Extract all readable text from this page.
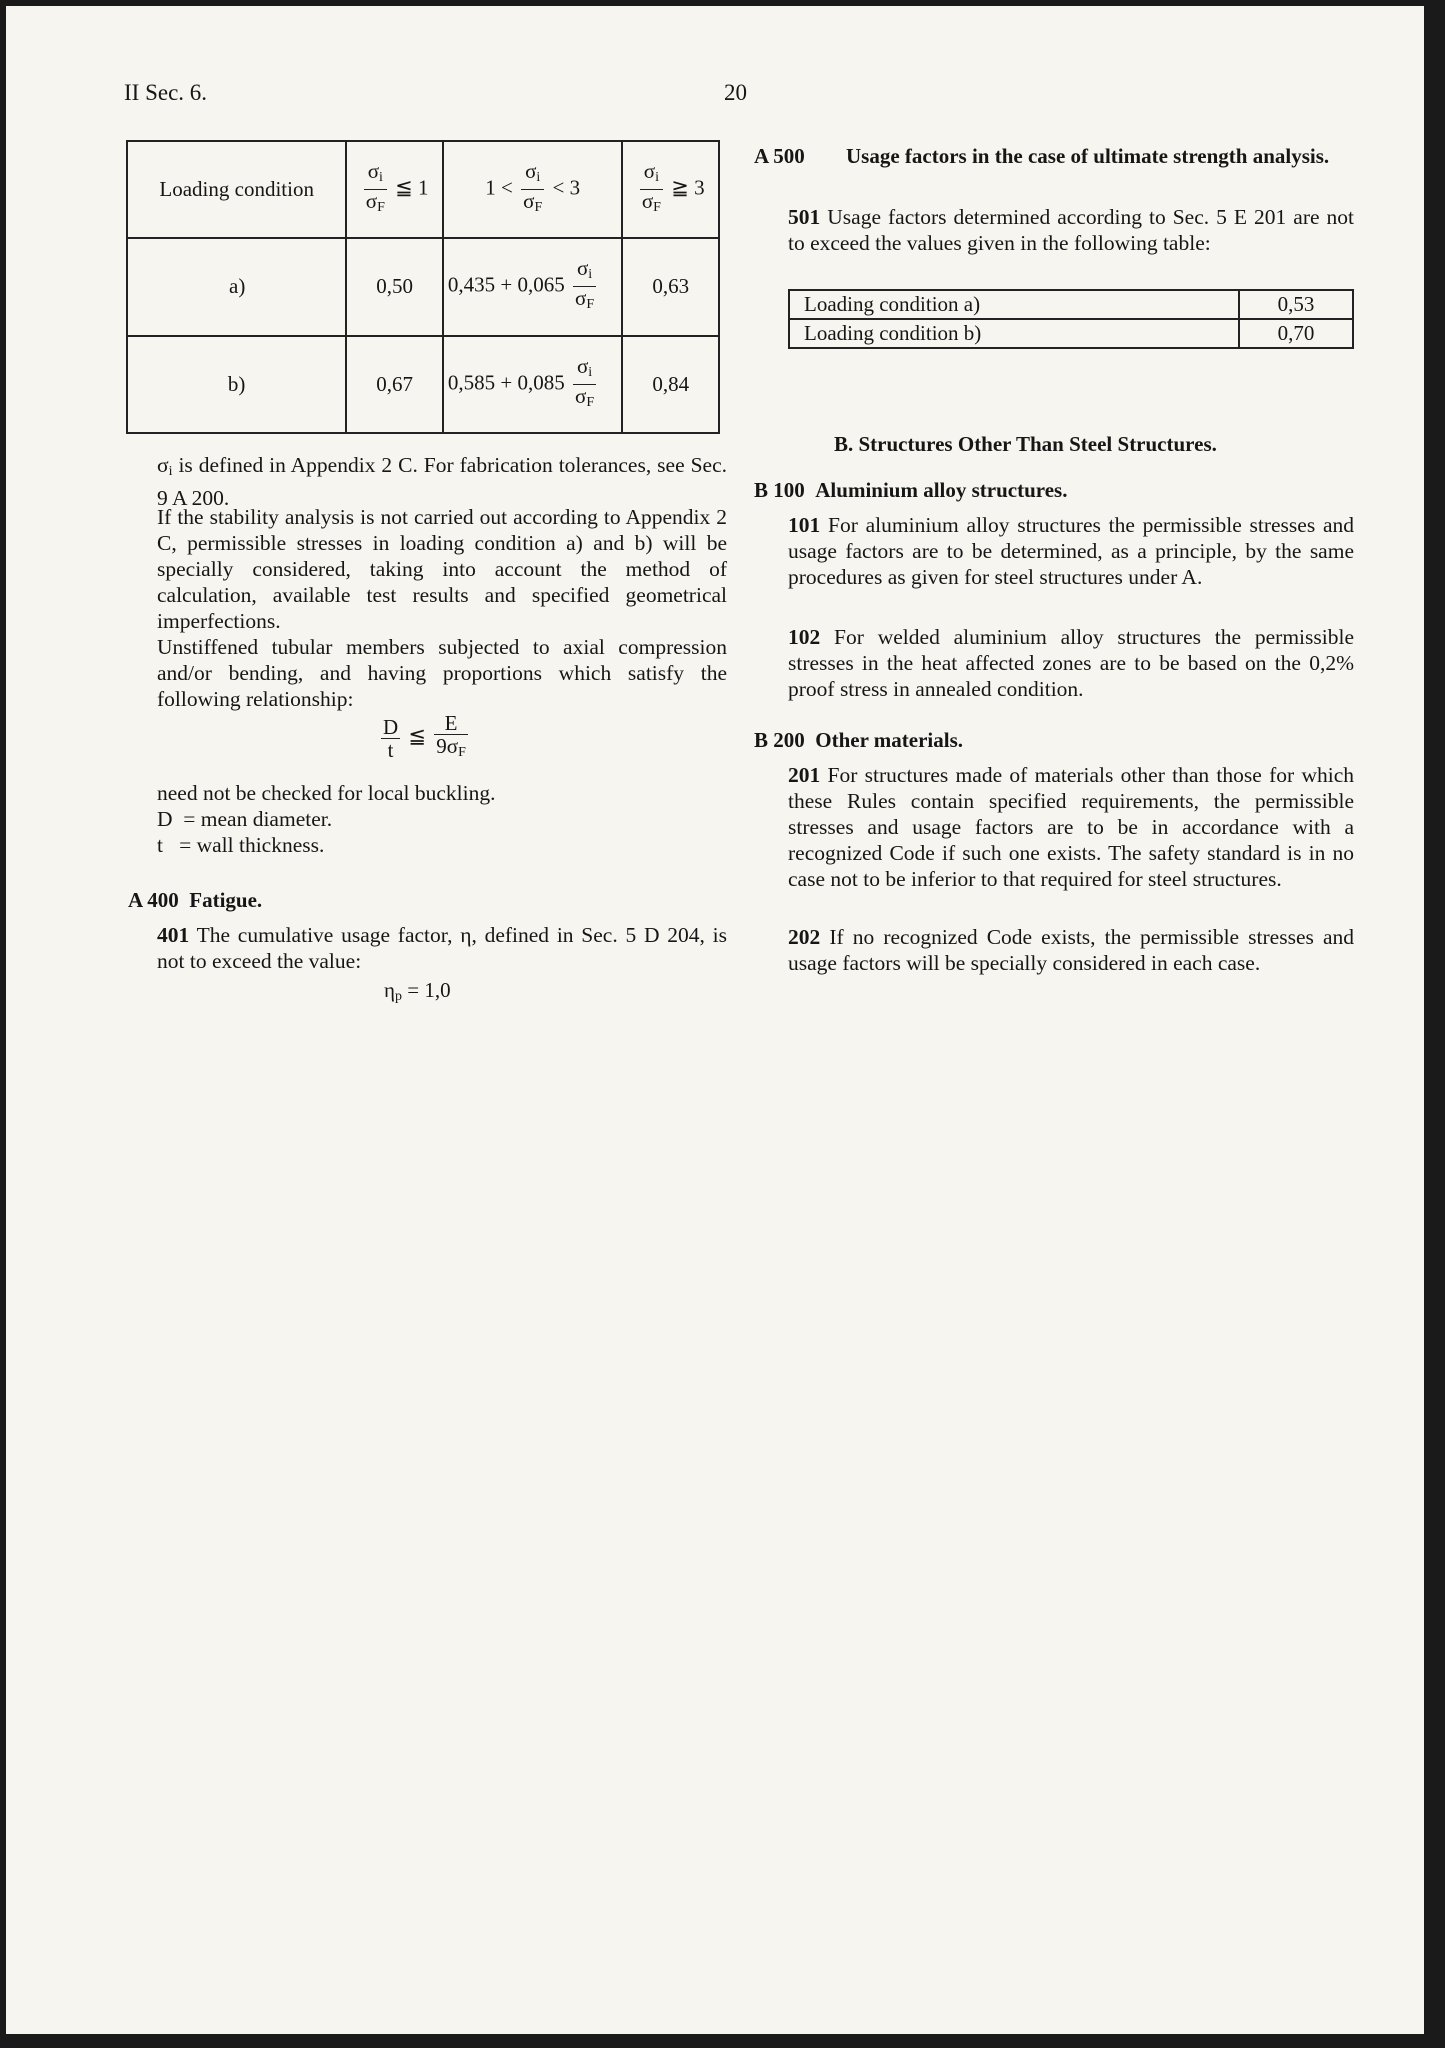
II Sec. 6.	20
Loading condition	$\frac{\sigma_i}{\sigma_F}$ ≦ 1	$1 < \frac{\sigma_i}{\sigma_F} < 3$	$\frac{\sigma_i}{\sigma_F}$ ≧ 3
a)	0,50	$0,435 + 0,065 \frac{\sigma_i}{\sigma_F}$	0,63
b)	0,67	$0,585 + 0,085 \frac{\sigma_i}{\sigma_F}$	0,84
$\sigma_i$ is defined in Appendix 2 C. For fabrication tolerances, see Sec. 9 A 200.
If the stability analysis is not carried out according to Appendix 2 C, permissible stresses in loading condition a) and b) will be specially considered, taking into account the method of calculation, available test results and specified geometrical imperfections.
Unstiffened tubular members subjected to axial compression and/or bending, and having proportions which satisfy the following relationship:
$\frac{D}{t}$ ≦ $\frac{E}{9\sigma_F}$
need not be checked for local buckling.
D  = mean diameter.
t   = wall thickness.
A 400 Fatigue.
401 The cumulative usage factor, η, defined in Sec. 5 D 204, is not to exceed the value:
$\eta_p = 1,0$
A 500 Usage factors in the case of ultimate strength analysis.
501 Usage factors determined according to Sec. 5 E 201 are not to exceed the values given in the following table:
Loading condition a)	0,53
Loading condition b)	0,70
B. Structures Other Than Steel Structures.
B 100 Aluminium alloy structures.
101 For aluminium alloy structures the permissible stresses and usage factors are to be determined, as a principle, by the same procedures as given for steel structures under A.
102 For welded aluminium alloy structures the permissible stresses in the heat affected zones are to be based on the 0,2% proof stress in annealed condition.
B 200 Other materials.
201 For structures made of materials other than those for which these Rules contain specified requirements, the permissible stresses and usage factors are to be in accordance with a recognized Code if such one exists. The safety standard is in no case not to be inferior to that required for steel structures.
202 If no recognized Code exists, the permissible stresses and usage factors will be specially considered in each case.
